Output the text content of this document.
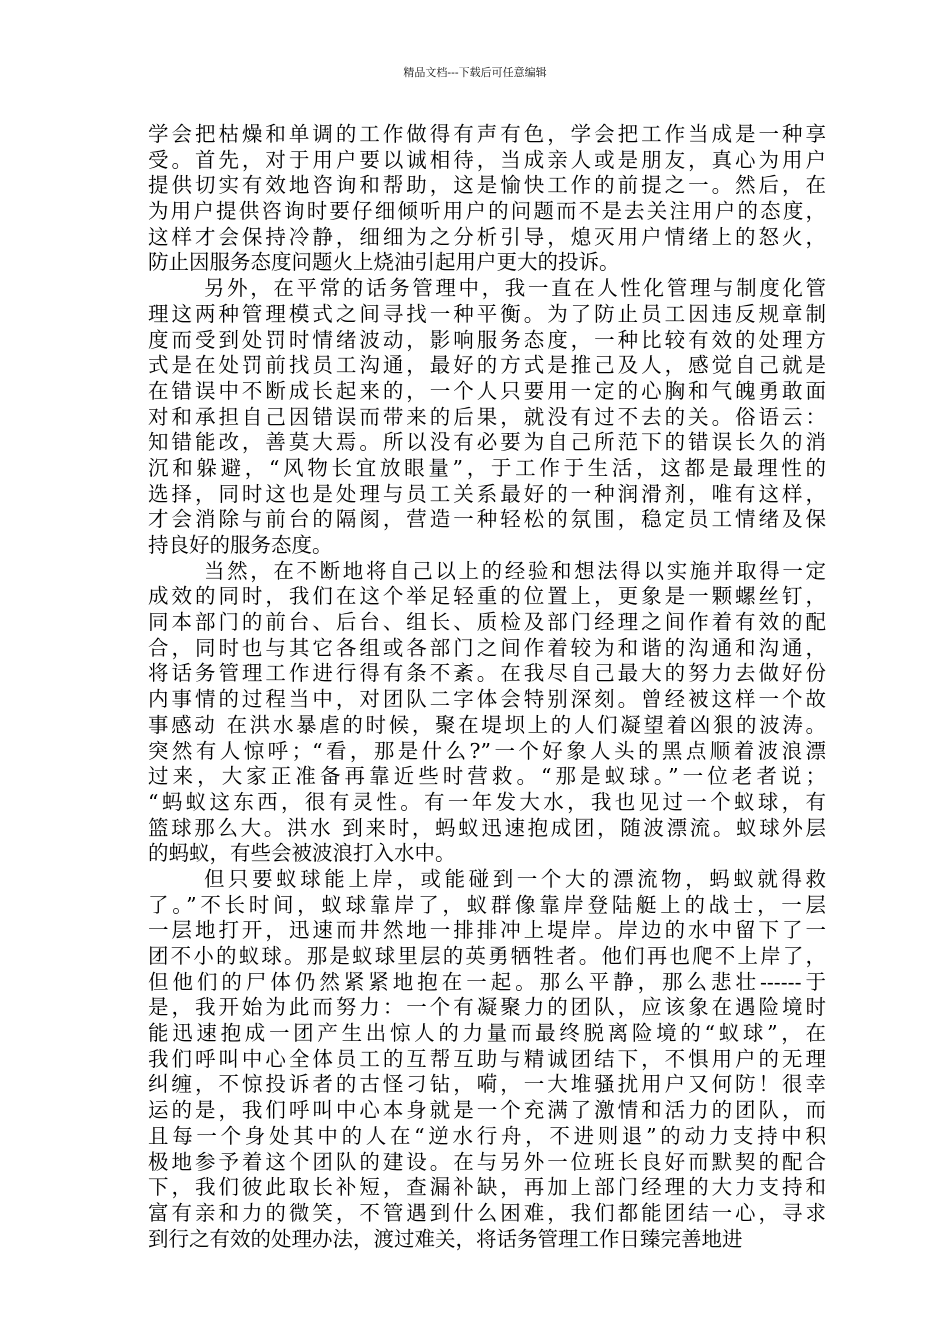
精品文档---下载后可任意编辑
学会把枯燥和单调的工作做得有声有色，学会把工作当成是一种享
受。首先，对于用户要以诚相待，当成亲人或是朋友，真心为用户
提供切实有效地咨询和帮助，这是愉快工作的前提之一。然后，在
为用户提供咨询时要仔细倾听用户的问题而不是去关注用户的态度，
这样才会保持冷静，细细为之分析引导，熄灭用户情绪上的怒火，
防止因服务态度问题火上烧油引起用户更大的投诉。
另外，在平常的话务管理中，我一直在人性化管理与制度化管
理这两种管理模式之间寻找一种平衡。为了防止员工因违反规章制
度而受到处罚时情绪波动，影响服务态度，一种比较有效的处理方
式是在处罚前找员工沟通，最好的方式是推己及人，感觉自己就是
在错误中不断成长起来的，一个人只要用一定的心胸和气魄勇敢面
对和承担自己因错误而带来的后果，就没有过不去的关。俗语云：
知错能改，善莫大焉。所以没有必要为自己所范下的错误长久的消
沉和躲避，“风物长宜放眼量”，于工作于生活，这都是最理性的
选择，同时这也是处理与员工关系最好的一种润滑剂，唯有这样，
才会消除与前台的隔阂，营造一种轻松的氛围，稳定员工情绪及保
持良好的服务态度。
当然，在不断地将自己以上的经验和想法得以实施并取得一定
成效的同时，我们在这个举足轻重的位置上，更象是一颗螺丝钉，
同本部门的前台、后台、组长、质检及部门经理之间作着有效的配
合，同时也与其它各组或各部门之间作着较为和谐的沟通和沟通，
将话务管理工作进行得有条不紊。在我尽自己最大的努力去做好份
内事情的过程当中，对团队二字体会特别深刻。曾经被这样一个故
事感动 在洪水暴虐的时候，聚在堤坝上的人们凝望着凶狠的波涛。
突然有人惊呼；“看，那是什么?”一个好象人头的黑点顺着波浪漂
过来，大家正准备再靠近些时营救。“那是蚁球。”一位老者说；
“蚂蚁这东西，很有灵性。有一年发大水，我也见过一个蚁球，有
篮球那么大。洪水 到来时，蚂蚁迅速抱成团，随波漂流。蚁球外层
的蚂蚁，有些会被波浪打入水中。
但只要蚁球能上岸，或能碰到一个大的漂流物，蚂蚁就得救
了。”不长时间，蚁球靠岸了，蚁群像靠岸登陆艇上的战士，一层
一层地打开，迅速而井然地一排排冲上堤岸。岸边的水中留下了一
团不小的蚁球。那是蚁球里层的英勇牺牲者。他们再也爬不上岸了，
但他们的尸体仍然紧紧地抱在一起。那么平静，那么悲壮------于
是，我开始为此而努力：一个有凝聚力的团队，应该象在遇险境时
能迅速抱成一团产生出惊人的力量而最终脱离险境的“蚁球”，在
我们呼叫中心全体员工的互帮互助与精诚团结下，不惧用户的无理
纠缠，不惊投诉者的古怪刁钻，嗬，一大堆骚扰用户又何防！很幸
运的是，我们呼叫中心本身就是一个充满了激情和活力的团队，而
且每一个身处其中的人在“逆水行舟，不进则退”的动力支持中积
极地参予着这个团队的建设。在与另外一位班长良好而默契的配合
下，我们彼此取长补短，查漏补缺，再加上部门经理的大力支持和
富有亲和力的微笑，不管遇到什么困难，我们都能团结一心，寻求
到行之有效的处理办法，渡过难关，将话务管理工作日臻完善地进
